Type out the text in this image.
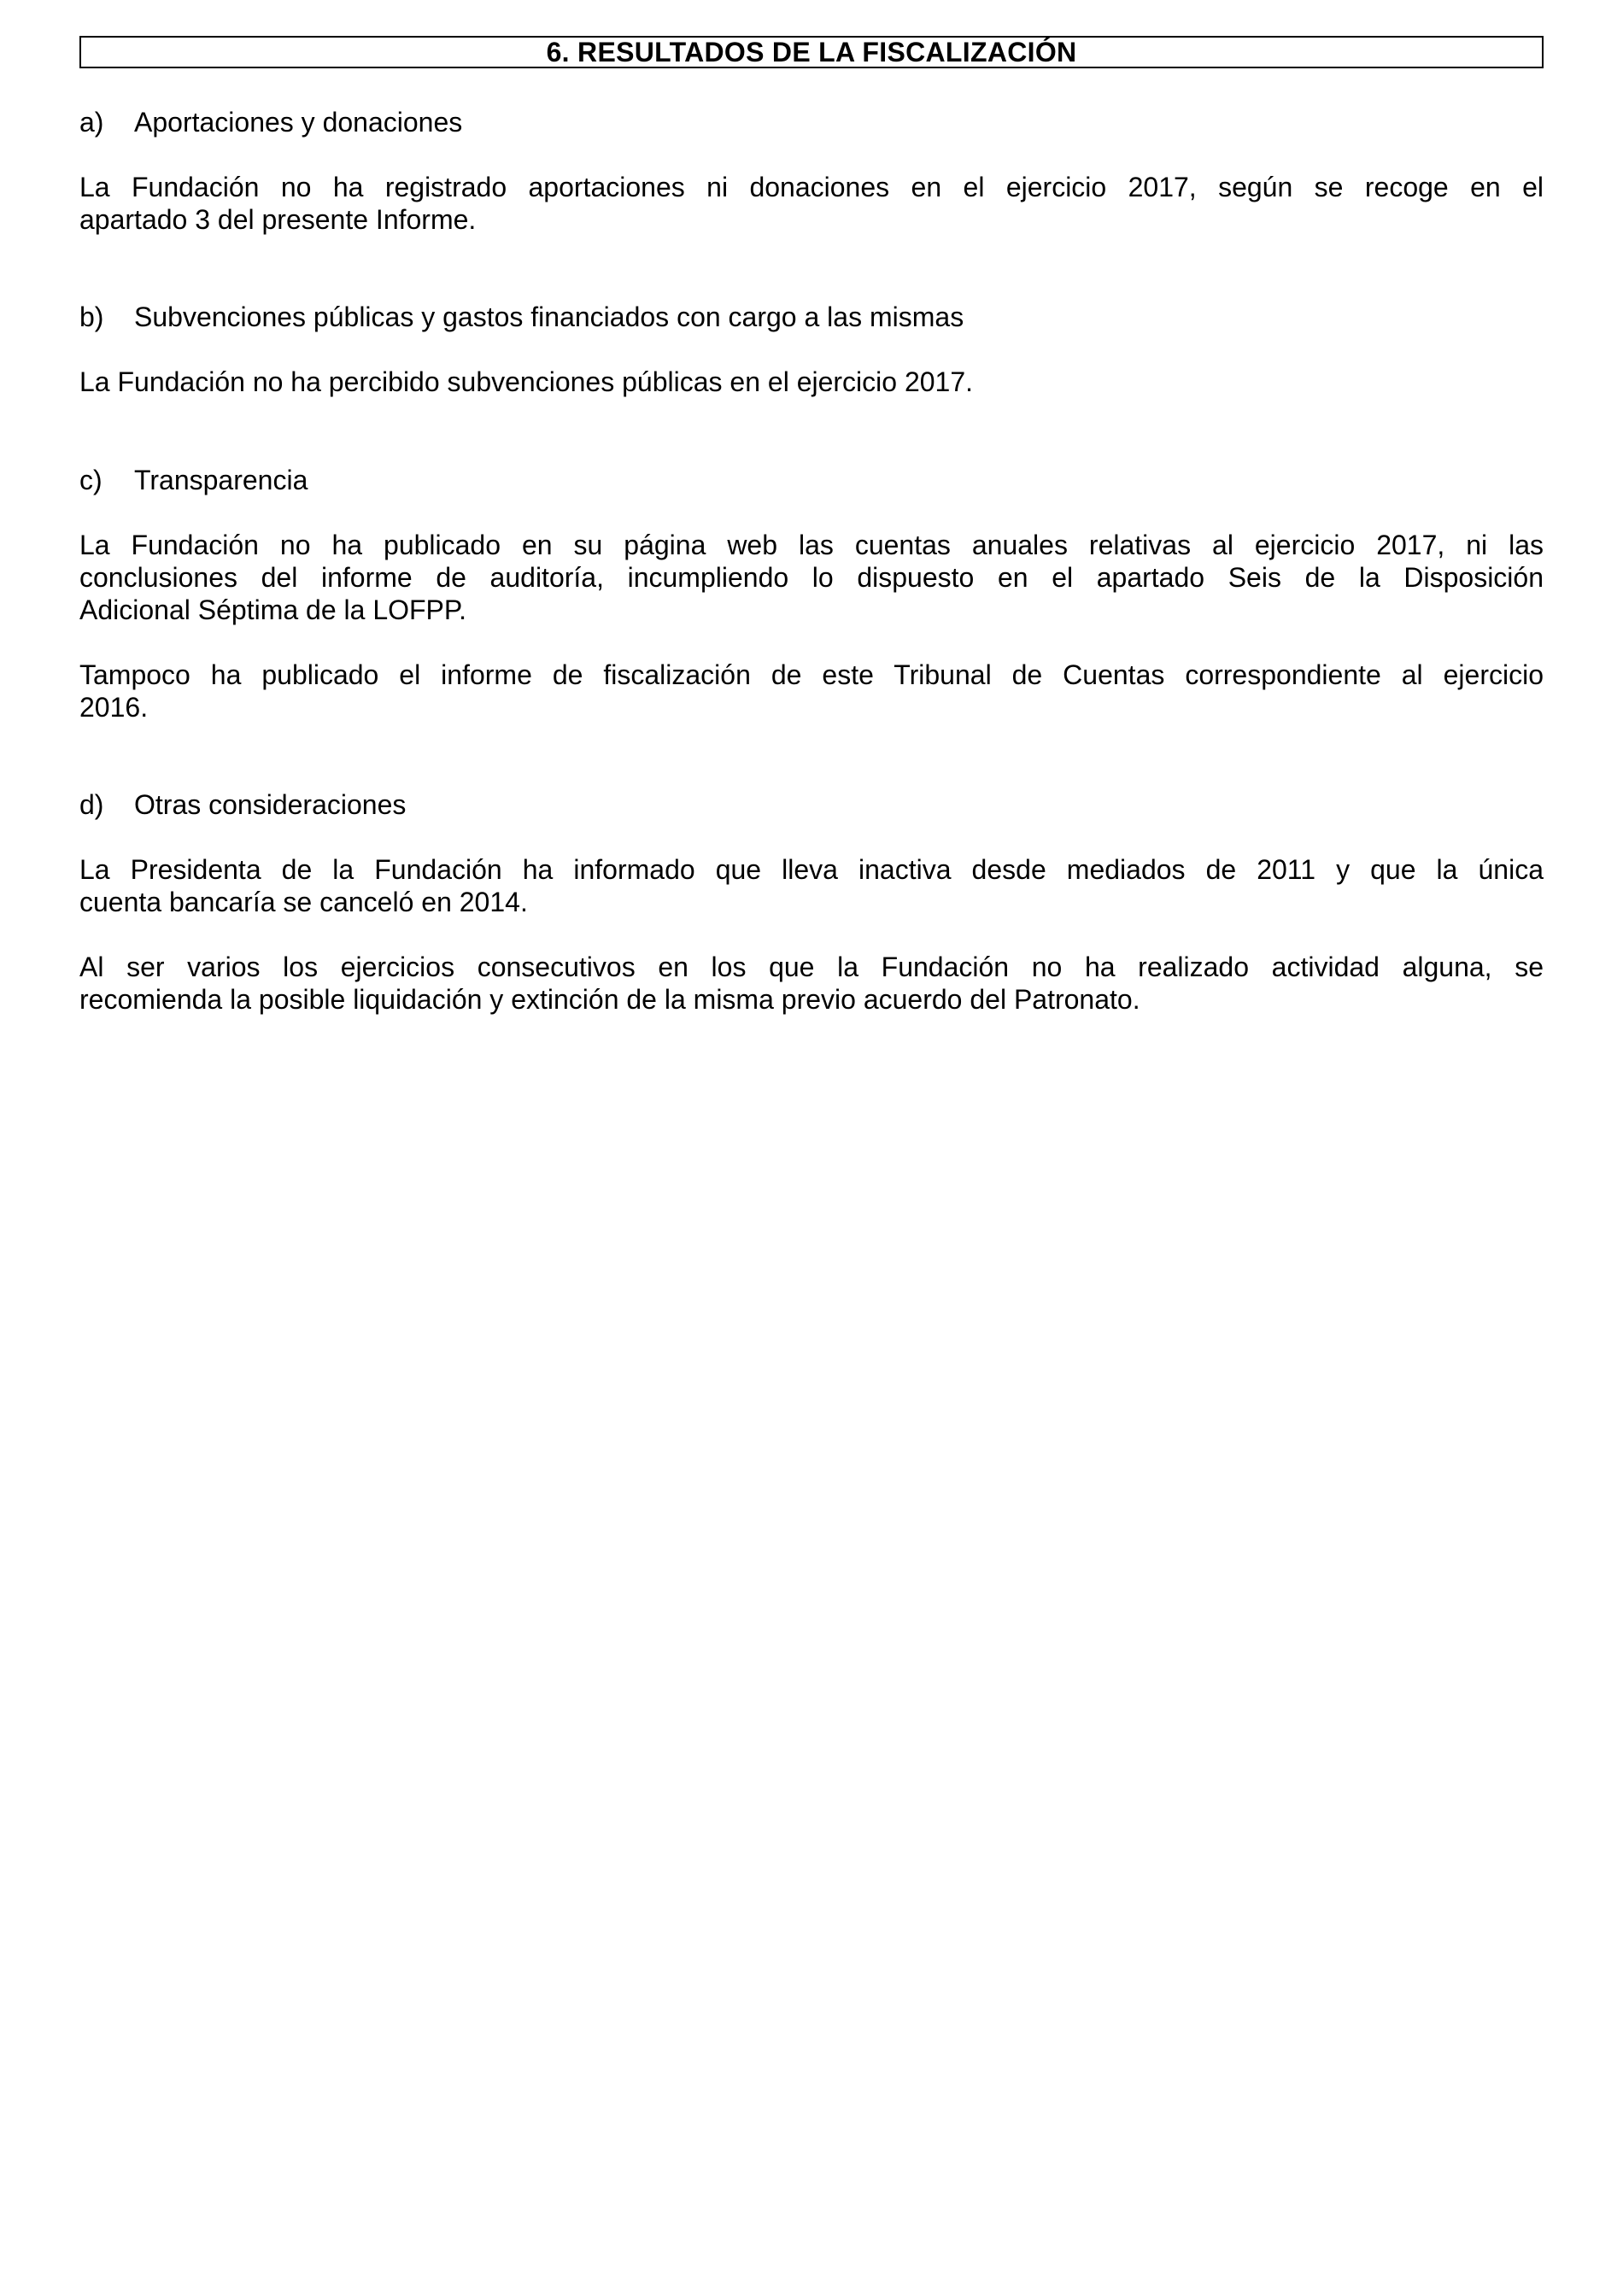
6. RESULTADOS DE LA FISCALIZACIÓN
a) Aportaciones y donaciones
La Fundación no ha registrado aportaciones ni donaciones en el ejercicio 2017, según se recoge en el
apartado 3 del presente Informe.
b) Subvenciones públicas y gastos financiados con cargo a las mismas
La Fundación no ha percibido subvenciones públicas en el ejercicio 2017.
c) Transparencia
La Fundación no ha publicado en su página web las cuentas anuales relativas al ejercicio 2017, ni las
conclusiones del informe de auditoría, incumpliendo lo dispuesto en el apartado Seis de la Disposición
Adicional Séptima de la LOFPP.
Tampoco ha publicado el informe de fiscalización de este Tribunal de Cuentas correspondiente al ejercicio
2016.
d) Otras consideraciones
La Presidenta de la Fundación ha informado que lleva inactiva desde mediados de 2011 y que la única
cuenta bancaría se canceló en 2014.
Al ser varios los ejercicios consecutivos en los que la Fundación no ha realizado actividad alguna, se
recomienda la posible liquidación y extinción de la misma previo acuerdo del Patronato.
